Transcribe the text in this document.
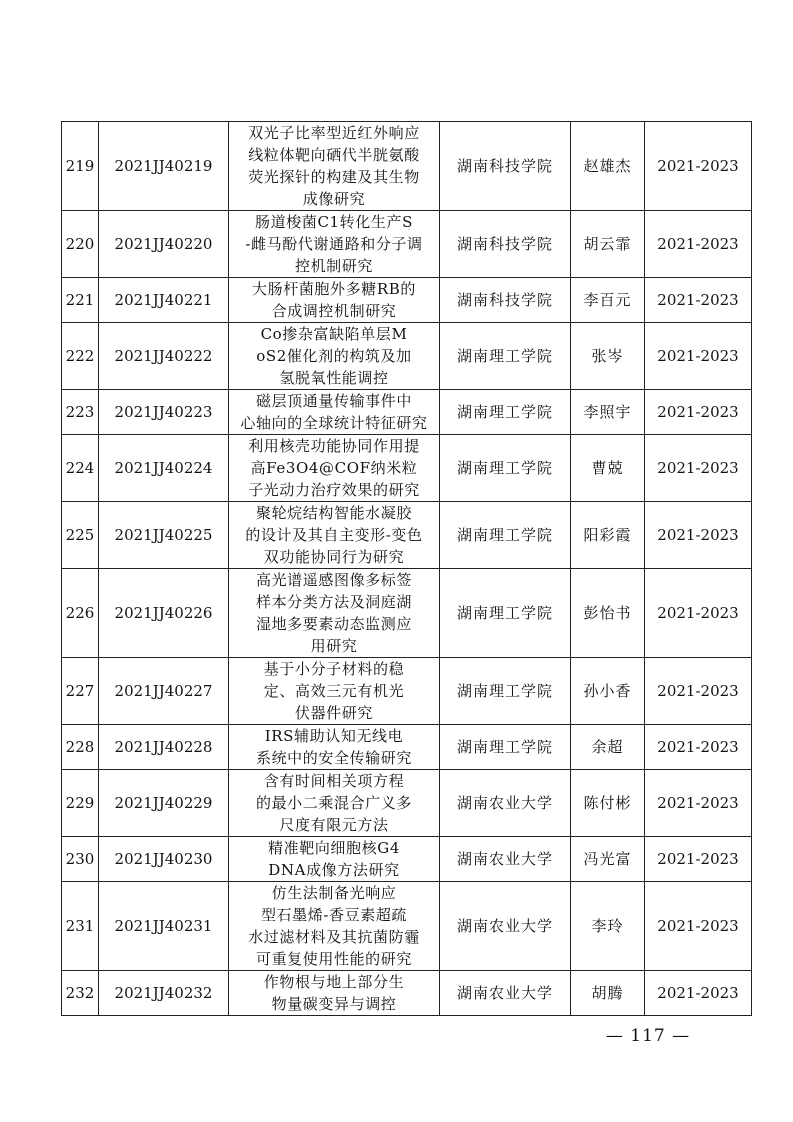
219	2021JJ40219	双光子比率型近红外响应
线粒体靶向硒代半胱氨酸
荧光探针的构建及其生物
成像研究	湖南科技学院	赵雄杰	2021-2023
220	2021JJ40220	肠道梭菌C1转化生产S
-雌马酚代谢通路和分子调
控机制研究	湖南科技学院	胡云霏	2021-2023
221	2021JJ40221	大肠杆菌胞外多糖RB的
合成调控机制研究	湖南科技学院	李百元	2021-2023
222	2021JJ40222	Co掺杂富缺陷单层M
oS2催化剂的构筑及加
氢脱氧性能调控	湖南理工学院	张岑	2021-2023
223	2021JJ40223	磁层顶通量传输事件中
心轴向的全球统计特征研究	湖南理工学院	李照宇	2021-2023
224	2021JJ40224	利用核壳功能协同作用提
高Fe3O4@COF纳米粒
子光动力治疗效果的研究	湖南理工学院	曹兢	2021-2023
225	2021JJ40225	聚轮烷结构智能水凝胶
的设计及其自主变形-变色
双功能协同行为研究	湖南理工学院	阳彩霞	2021-2023
226	2021JJ40226	高光谱遥感图像多标签
样本分类方法及洞庭湖
湿地多要素动态监测应
用研究	湖南理工学院	彭怡书	2021-2023
227	2021JJ40227	基于小分子材料的稳
定、高效三元有机光
伏器件研究	湖南理工学院	孙小香	2021-2023
228	2021JJ40228	IRS辅助认知无线电
系统中的安全传输研究	湖南理工学院	余超	2021-2023
229	2021JJ40229	含有时间相关项方程
的最小二乘混合广义多
尺度有限元方法	湖南农业大学	陈付彬	2021-2023
230	2021JJ40230	精准靶向细胞核G4
DNA成像方法研究	湖南农业大学	冯光富	2021-2023
231	2021JJ40231	仿生法制备光响应
型石墨烯-香豆素超疏
水过滤材料及其抗菌防霾
可重复使用性能的研究	湖南农业大学	李玲	2021-2023
232	2021JJ40232	作物根与地上部分生
物量碳变异与调控	湖南农业大学	胡腾	2021-2023
— 117 —
